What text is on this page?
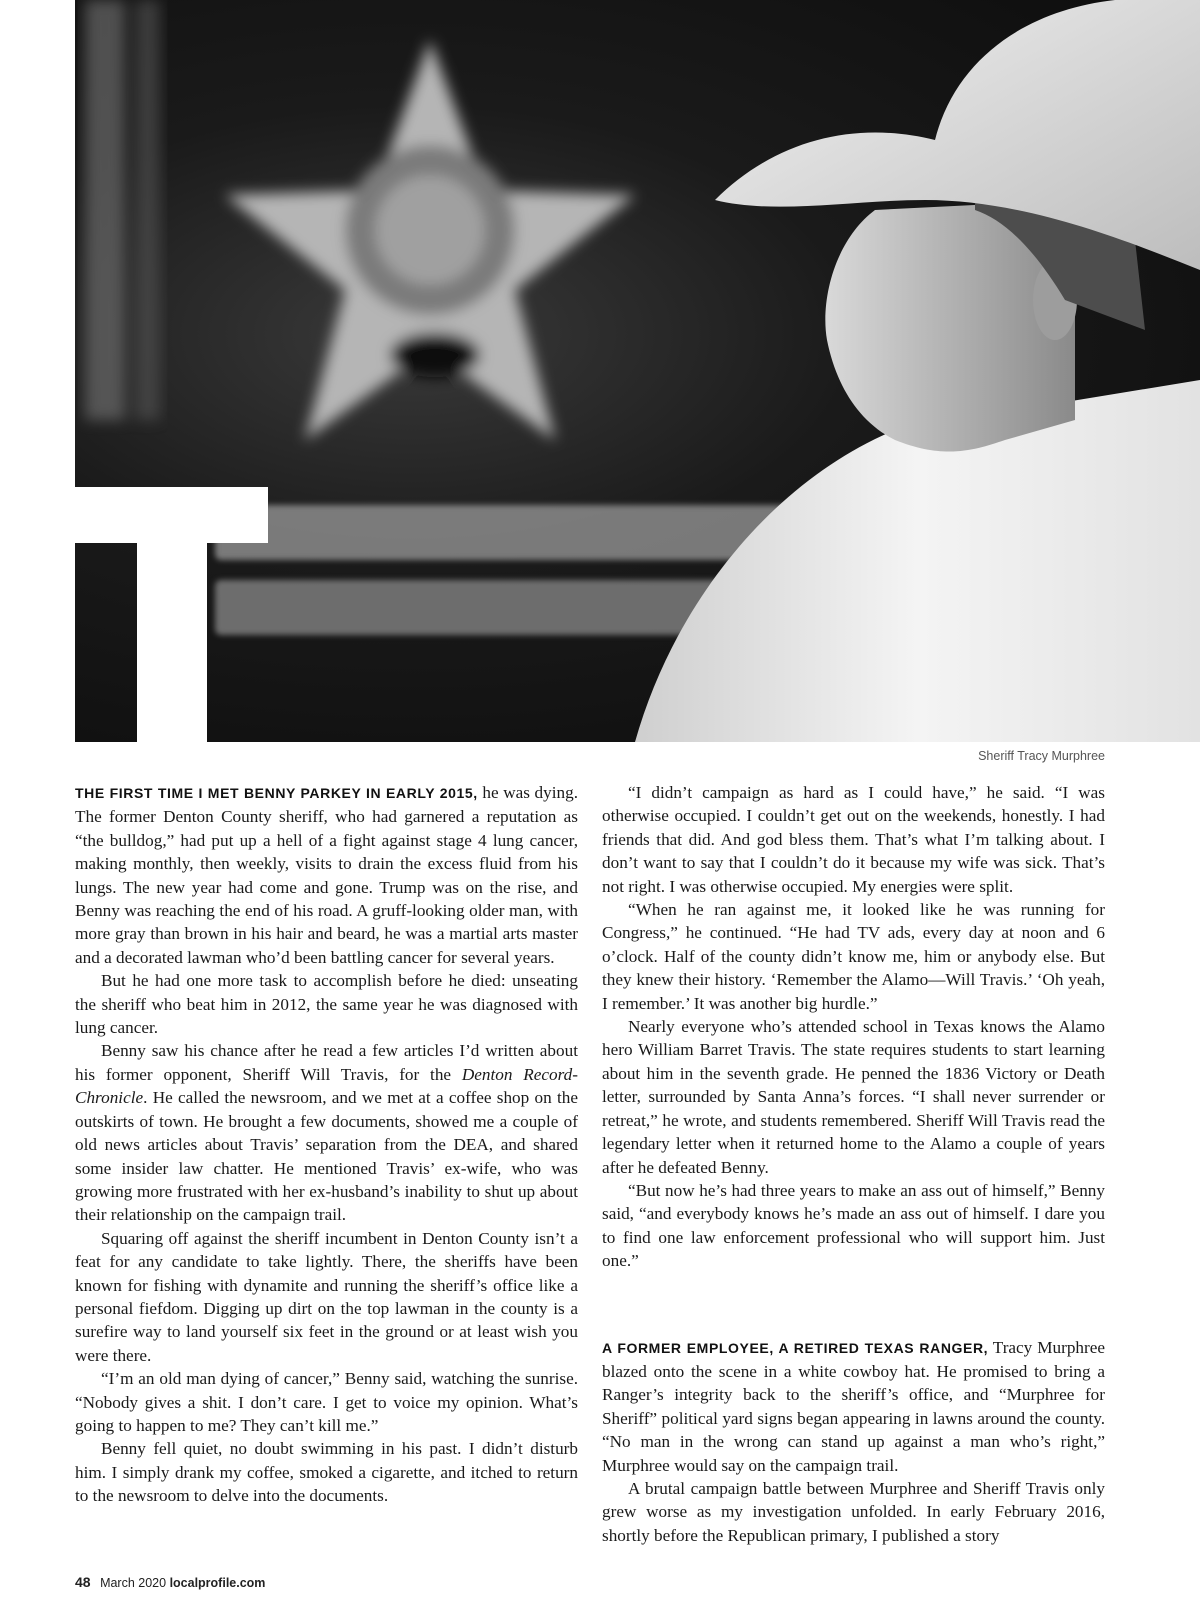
Sheriff Tracy Murphree

THE FIRST TIME I MET BENNY PARKEY IN EARLY 2015, he was dying. The former Denton County sheriff, who had garnered a reputation as “the bulldog,” had put up a hell of a fight against stage 4 lung cancer, making monthly, then weekly, visits to drain the excess fluid from his lungs. The new year had come and gone. Trump was on the rise, and Benny was reaching the end of his road. A gruff-looking older man, with more gray than brown in his hair and beard, he was a martial arts master and a decorated lawman who’d been battling cancer for several years.

But he had one more task to accomplish before he died: unseating the sheriff who beat him in 2012, the same year he was diagnosed with lung cancer.

Benny saw his chance after he read a few articles I’d written about his former opponent, Sheriff Will Travis, for the Denton Record-Chronicle. He called the newsroom, and we met at a coffee shop on the outskirts of town. He brought a few documents, showed me a couple of old news articles about Travis’ separation from the DEA, and shared some insider law chatter. He mentioned Travis’ ex-wife, who was growing more frustrated with her ex-husband’s inability to shut up about their relationship on the campaign trail.

Squaring off against the sheriff incumbent in Denton County isn’t a feat for any candidate to take lightly. There, the sheriffs have been known for fishing with dynamite and running the sheriff’s office like a personal fiefdom. Digging up dirt on the top lawman in the county is a surefire way to land yourself six feet in the ground or at least wish you were there.

“I’m an old man dying of cancer,” Benny said, watching the sunrise. “Nobody gives a shit. I don’t care. I get to voice my opinion. What’s going to happen to me? They can’t kill me.”

Benny fell quiet, no doubt swimming in his past. I didn’t disturb him. I simply drank my coffee, smoked a cigarette, and itched to return to the newsroom to delve into the documents.

“I didn’t campaign as hard as I could have,” he said. “I was otherwise occupied. I couldn’t get out on the weekends, honestly. I had friends that did. And god bless them. That’s what I’m talking about. I don’t want to say that I couldn’t do it because my wife was sick. That’s not right. I was otherwise occupied. My energies were split.

“When he ran against me, it looked like he was running for Congress,” he continued. “He had TV ads, every day at noon and 6 o’clock. Half of the county didn’t know me, him or anybody else. But they knew their history. ‘Remember the Alamo—Will Travis.’ ‘Oh yeah, I remember.’ It was another big hurdle.”

Nearly everyone who’s attended school in Texas knows the Alamo hero William Barret Travis. The state requires students to start learning about him in the seventh grade. He penned the 1836 Victory or Death letter, surrounded by Santa Anna’s forces. “I shall never surrender or retreat,” he wrote, and students remembered. Sheriff Will Travis read the legendary letter when it returned home to the Alamo a couple of years after he defeated Benny.

“But now he’s had three years to make an ass out of himself,” Benny said, “and everybody knows he’s made an ass out of himself. I dare you to find one law enforcement professional who will support him. Just one.”

A FORMER EMPLOYEE, A RETIRED TEXAS RANGER, Tracy Murphree blazed onto the scene in a white cowboy hat. He promised to bring a Ranger’s integrity back to the sheriff’s office, and “Murphree for Sheriff” political yard signs began appearing in lawns around the county. “No man in the wrong can stand up against a man who’s right,” Murphree would say on the campaign trail.

A brutal campaign battle between Murphree and Sheriff Travis only grew worse as my investigation unfolded. In early February 2016, shortly before the Republican primary, I published a story

48 March 2020 localprofile.com
